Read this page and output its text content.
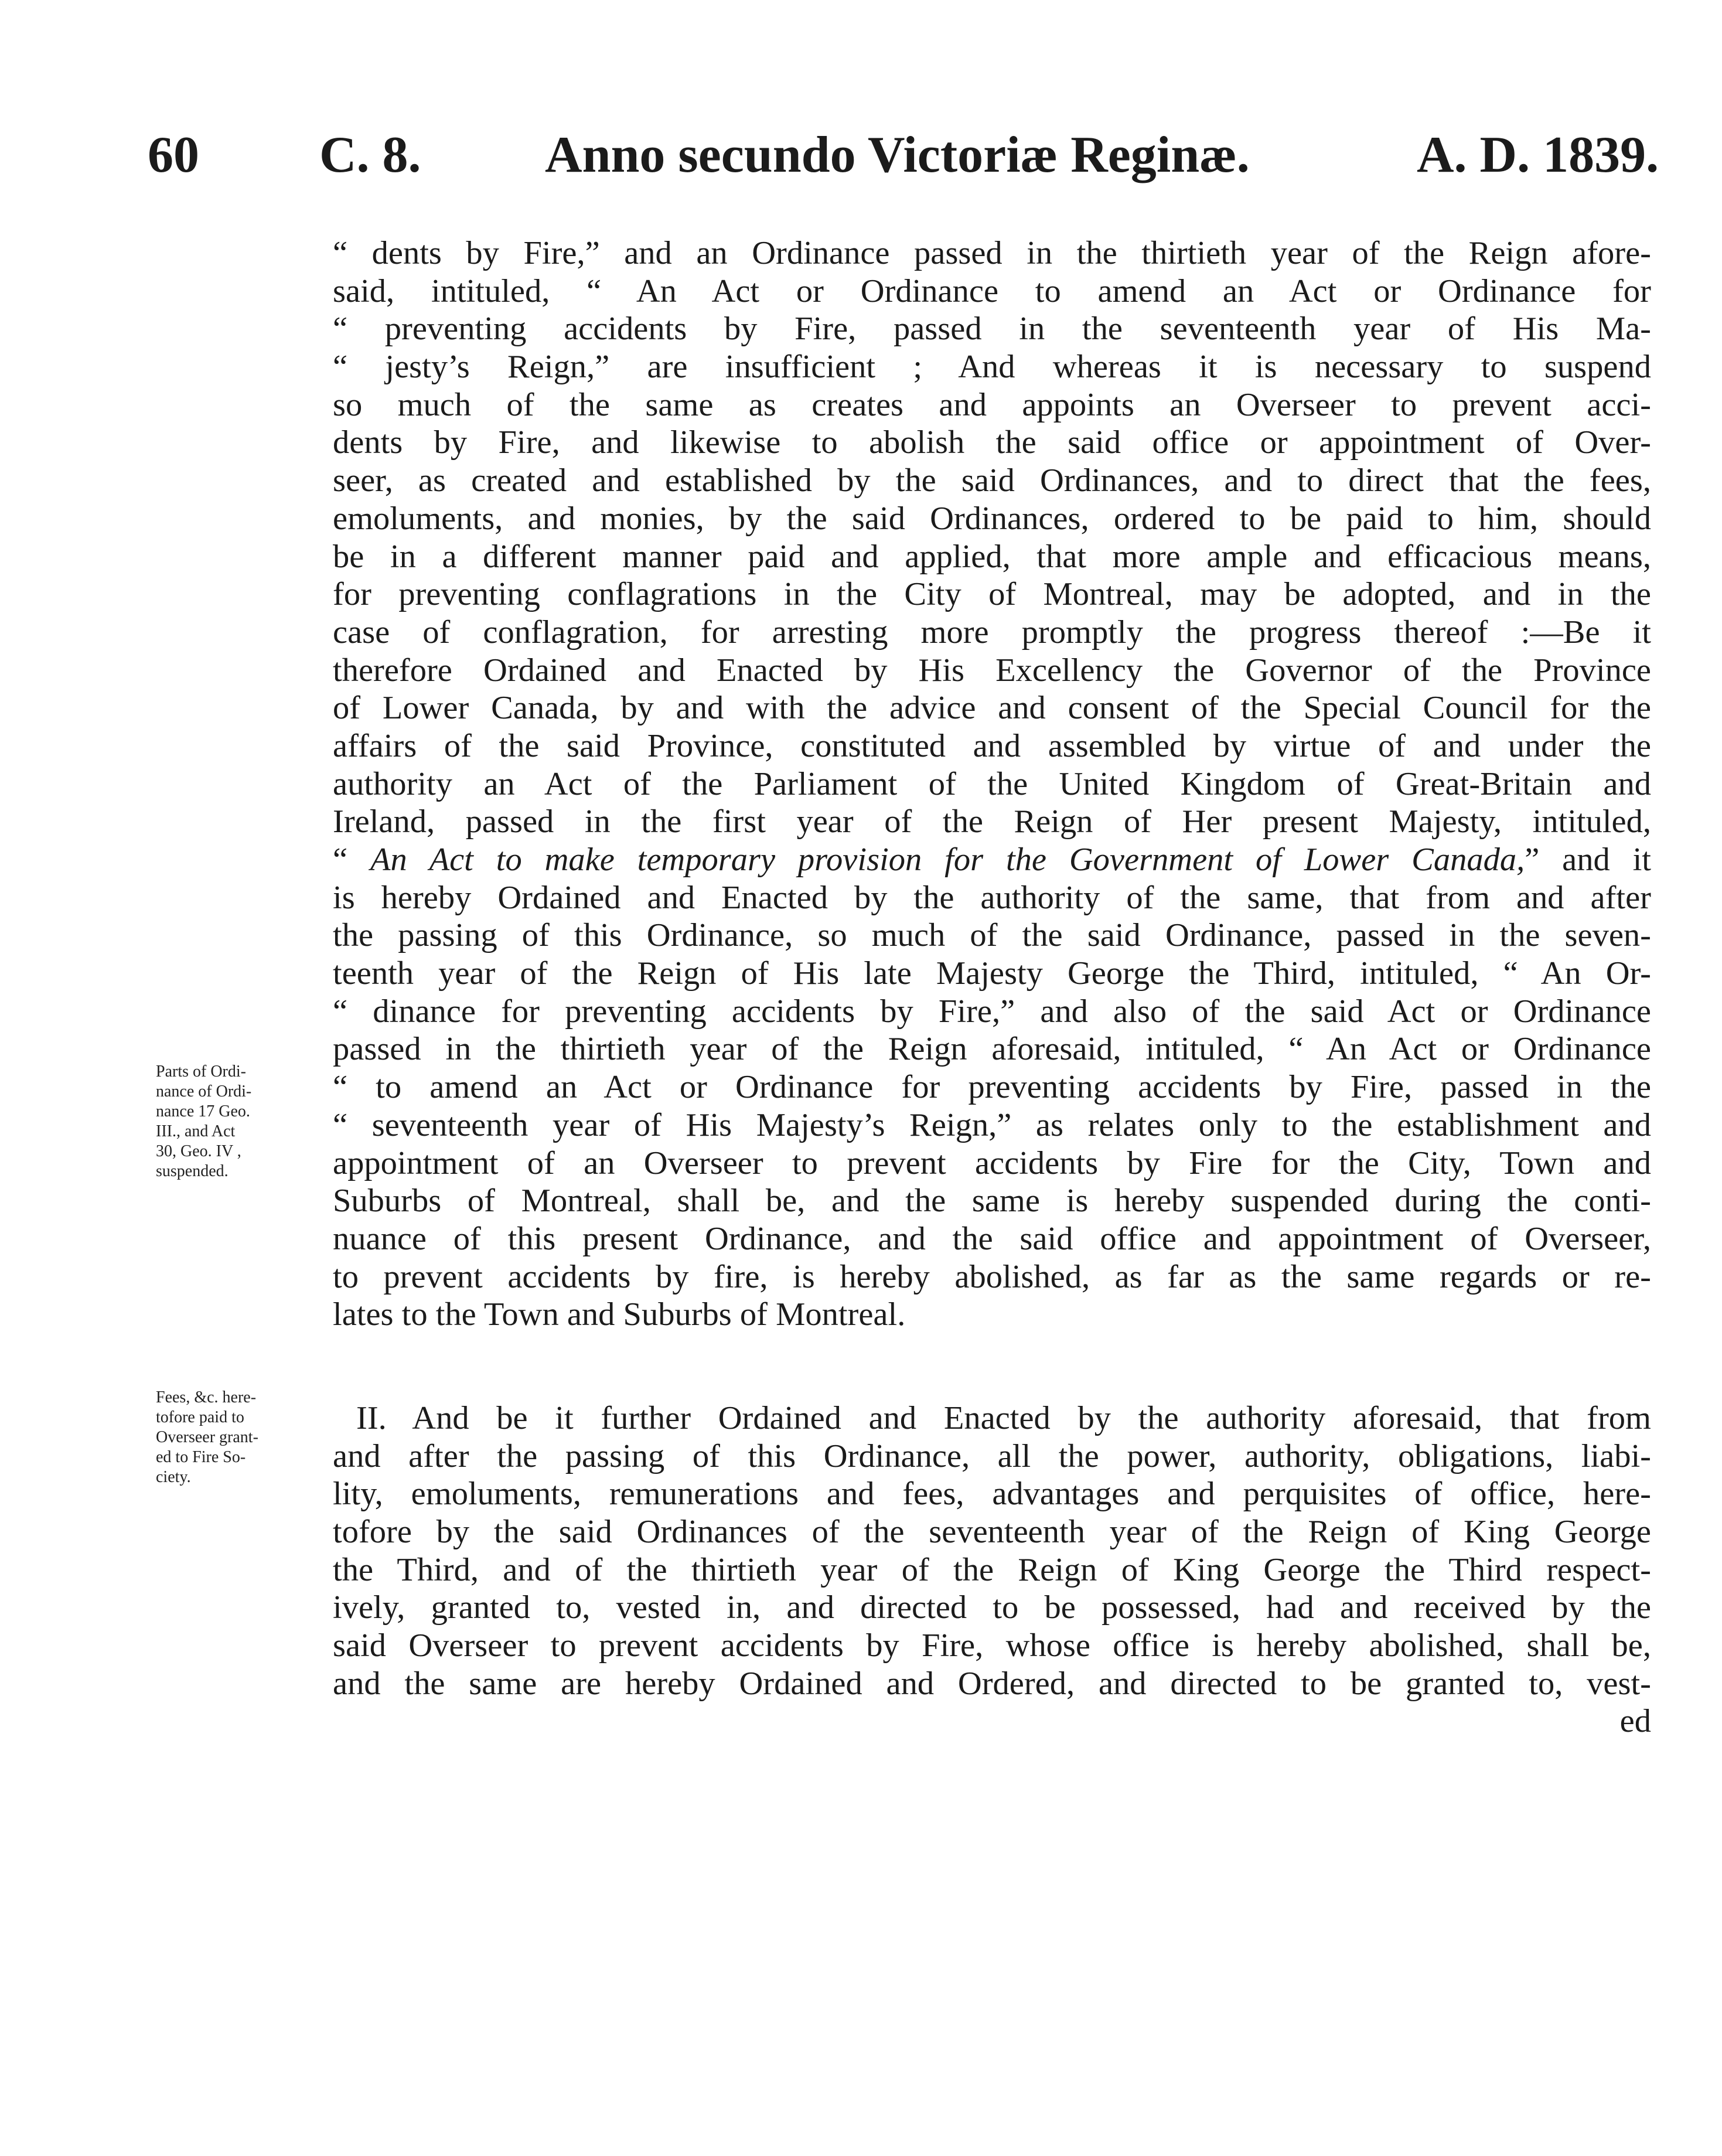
60 C. 8. Anno secundo Victoriæ Reginæ.	A. D. 1839.
“ dents by Fire,” and an Ordinance passed in the thirtieth year of the Reign afore-
said, intituled, “ An Act or Ordinance to amend an Act or Ordinance for
“ preventing accidents by Fire, passed in the seventeenth year of His Ma-
“ jesty’s Reign,” are insufficient ; And whereas it is necessary to suspend
so much of the same as creates and appoints an Overseer to prevent acci-
dents by Fire, and likewise to abolish the said office or appointment of Over-
seer, as created and established by the said Ordinances, and to direct that the fees,
emoluments, and monies, by the said Ordinances, ordered to be paid to him, should
be in a different manner paid and applied, that more ample and efficacious means,
for preventing conflagrations in the City of Montreal, may be adopted, and in the
case of conflagration, for arresting more promptly the progress thereof :—Be it
therefore Ordained and Enacted by His Excellency the Governor of the Province
of Lower Canada, by and with the advice and consent of the Special Council for the
affairs of the said Province, constituted and assembled by virtue of and under the
authority an Act of the Parliament of the United Kingdom of Great-Britain and
Ireland, passed in the first year of the Reign of Her present Majesty, intituled,
“ An Act to make temporary provision for the Government of Lower Canada,” and it
is hereby Ordained and Enacted by the authority of the same, that from and after
the passing of this Ordinance, so much of the said Ordinance, passed in the seven-
teenth year of the Reign of His late Majesty George the Third, intituled, “ An Or-
“ dinance for preventing accidents by Fire,” and also of the said Act or Ordinance
passed in the thirtieth year of the Reign aforesaid, intituled, “ An Act or Ordinance
“ to amend an Act or Ordinance for preventing accidents by Fire, passed in the
“ seventeenth year of His Majesty’s Reign,” as relates only to the establishment and
appointment of an Overseer to prevent accidents by Fire for the City, Town and
Suburbs of Montreal, shall be, and the same is hereby suspended during the conti-
nuance of this present Ordinance, and the said office and appointment of Overseer,
to prevent accidents by fire, is hereby abolished, as far as the same regards or re-
lates to the Town and Suburbs of Montreal.
II. And be it further Ordained and Enacted by the authority aforesaid, that from
and after the passing of this Ordinance, all the power, authority, obligations, liabi-
lity, emoluments, remunerations and fees, advantages and perquisites of office, here-
tofore by the said Ordinances of the seventeenth year of the Reign of King George
the Third, and of the thirtieth year of the Reign of King George the Third respect-
ively, granted to, vested in, and directed to be possessed, had and received by the
said Overseer to prevent accidents by Fire, whose office is hereby abolished, shall be,
and the same are hereby Ordained and Ordered, and directed to be granted to, vest-
ed
Parts of Ordi-
nance of Ordi-
nance 17 Geo.
III., and Act
30, Geo. IV ,
suspended.
Fees, &c. here-
tofore paid to
Overseer grant-
ed to Fire So-
ciety.
